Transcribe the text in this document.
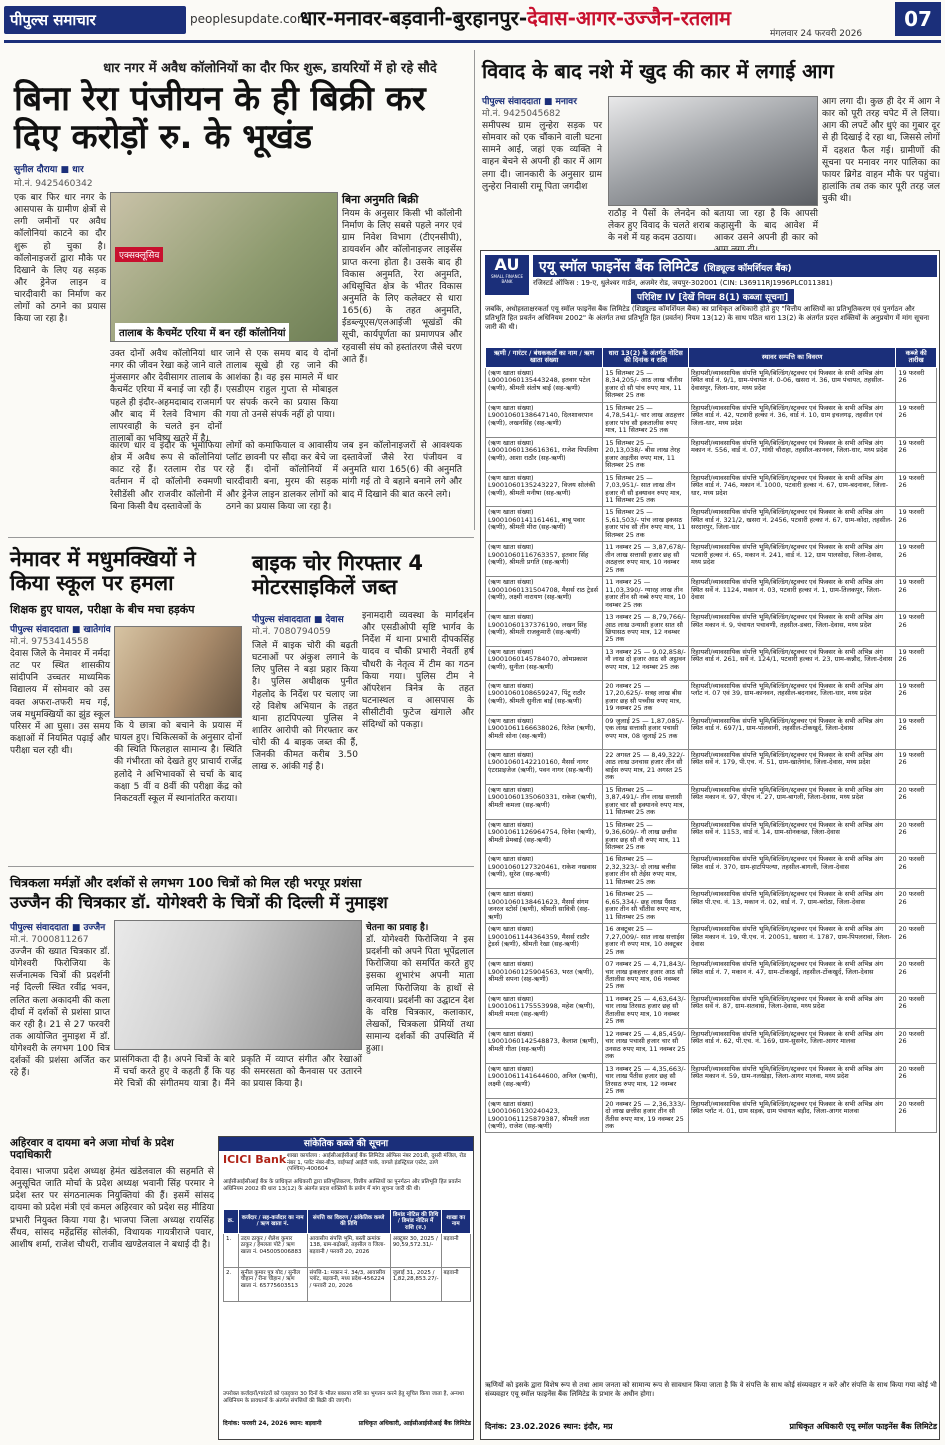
पीपुल्स समाचार	peoplesupdate.com
धार-मनावर-बड़वानी-बुरहानपुर-देवास-आगर-उज्जैन-रतलाम
मंगलवार 24 फरवरी 2026
07
धार नगर में अवैध कॉलोनियों का दौर फिर शुरू, डायरियों में हो रहे सौदे
बिना रेरा पंजीयन के ही बिक्री कर दिए करोड़ों रु. के भूखंड
सुनील दौराया ■ धार
मो.नं. 9425460342
एक बार फिर धार नगर के आसपास के ग्रामीण क्षेत्रों से लगी जमीनों पर अवैध कॉलोनियां काटने का दौर शुरू हो चुका है। कॉलोनाइजरों द्वारा मौके पर दिखाने के लिए यह सड़क और ड्रेनेज लाइन व चारदीवारी का निर्माण कर लोगों को ठगने का प्रयास किया जा रहा है।
एक्सक्लूसिव
तालाब के कैचमेंट एरिया में बन रहीं कॉलोनियां
उक्त दोनों अवैध कॉलोनियां धार नगर की जीवन रेखा कहे जाने वाले मुंजसागर और देवीसागर तालाब के कैचमेंट एरिया में बनाई जा रही हैं। पहले ही इंदौर-अहमदाबाद राजमार्ग और बाद में रेलवे विभाग की लापरवाही के चलते इन दोनों तालाबों का भविष्य खतरे में है।
जाने से एक समय बाद ये दोनों तालाब सूखे ही रह जाने की आशंका है। वह इस मामले में धार एसडीएम राहुल गुप्ता से मोबाइल पर संपर्क करने का प्रयास किया गया तो उनसे संपर्क नहीं हो पाया।
कारण धार व इंदौर के भूमाफिया क्षेत्र में अवैध रूप से कॉलोनियां काट रहे हैं। रतलाम रोड पर वर्तमान में दो कॉलोनी रुक्मणी रेसीडेंसी और राजवीर कॉलोनी में बिना किसी वैध दस्तावेजों के
लोगों को कमाफियाल व आवासीय प्लॉट छावनी पर सौदा कर बेचे जा रहे हैं। दोनों कॉलोनियों में चारदीवारी बना, मुरम की सड़क और ड्रेनेज लाइन डालकर लोगों को ठगने का प्रयास किया जा रहा है।
बिना अनुमति बिक्री
नियम के अनुसार किसी भी कॉलोनी निर्माण के लिए सबसे पहले नगर एवं ग्राम निवेश विभाग (टीएनसीपी), डायवर्शन और कॉलोनाइजर लाइसेंस प्राप्त करना होता है। उसके बाद ही विकास अनुमति, रेरा अनुमति, अधिसूचित क्षेत्र के भीतर विकास अनुमति के लिए कलेक्टर से धारा 165(6) के तहत अनुमति, ईडब्ल्यूएस/एलआईजी भूखंडों की सूची, कार्यपूर्णता का प्रमाणपत्र और रहवासी संघ को हस्तांतरण जैसे चरण आते हैं।
जब इन कॉलोनाइजरों से आवश्यक दस्तावेजों जैसे रेरा पंजीयन व अनुमति धारा 165(6) की अनुमति मांगी गई तो वे बहाने बनाने लगे और बाद में दिखाने की बात करने लगे।
विवाद के बाद नशे में खुद की कार में लगाई आग
पीपुल्स संवाददाता ■ मनावर
मो.नं. 9425045682
समीपस्थ ग्राम लुन्हेरा सड़क पर सोमवार को एक चौंकाने वाली घटना सामने आई, जहां एक व्यक्ति ने वाहन बेचने से अपनी ही कार में आग लगा दी। जानकारी के अनुसार ग्राम लुन्हेरा निवासी रामू पिता जगदीश
राठौड़ ने पैसों के लेनदेन को लेकर हुए विवाद के चलते शराब के नशे में यह कदम उठाया।
बताया जा रहा है कि आपसी कहासुनी के बाद आवेश में आकर उसने अपनी ही कार को
आग लगा दी। कुछ ही देर में आग ने कार को पूरी तरह चपेट में ले लिया। आग की लपटें और धुएं का गुबार दूर से ही दिखाई दे रहा था, जिससे लोगों में दहशत फैल गई। ग्रामीणों की सूचना पर मनावर नगर पालिका का फायर ब्रिगेड वाहन मौके पर पहुंचा। हालांकि तब तक कार पूरी तरह जल चुकी थी।
AU
SMALL FINANCE BANK
एयू स्मॉल फाइनेंस बैंक लिमिटेड (शिड्यूल्ड कॉमर्शियल बैंक)
रजिस्टर्ड ऑफिस : 19-ए, धुलेश्वर गार्डन, अजमेर रोड, जयपुर-302001 (CIN: L36911RJ1996PLC011381)
परिशिष्ट IV [देखें नियम 8(1) कब्जा सूचना]
जबकि, अधोहस्ताक्षरकर्ता एयू स्मॉल फाइनेंस बैंक लिमिटेड (शिड्यूल्ड कॉमर्शियल बैंक) का प्राधिकृत अधिकारी होते हुए "वित्तीय आस्तियों का प्रतिभूतिकरण एवं पुनर्गठन और प्रतिभूति हित प्रवर्तन अधिनियम 2002" के अंतर्गत तथा प्रतिभूति हित (प्रवर्तन) नियम 13(12) के साथ पठित धारा 13(2) के अंतर्गत प्रदत्त शक्तियों के अनुप्रयोग में मांग सूचना जारी की थी।
ऋणी / गारंटर / बंधककर्ता का नाम / ऋण खाता संख्या	धारा 13(2) के अंतर्गत नोटिस की दिनांक व राशि	स्थावर सम्पत्ति का विवरण	कब्जे की तारीख
(ऋण खाता संख्या) L9001060135443248, इतवार पटेल (ऋणी), श्रीमती संतोष बाई (सह-ऋणी)	15 सितम्बर 25 — 8,34,205/- आठ लाख चौंतीस हजार दो सौ पांच रुपए मात्र, 11 सितम्बर 25 तक	रिहायशी/व्यावसायिक संपत्ति भूमि/बिल्डिंग/स्ट्रक्चर एवं फिक्सर के सभी अभिन्न अंग स्थित वार्ड नं. 9/1, ग्राम-पंचायत नं. 0-06, खसरा नं. 36, ग्राम पंचायत, तहसील-देवासपुर, जिला-धार, मध्य प्रदेश	19 फरवरी 26
(ऋण खाता संख्या) L9001060138647140, दिलशावरपान (ऋणी), लखनसिंह (सह-ऋणी)	15 सितम्बर 25 — 4,78,541/- चार लाख अठहत्तर हजार पांच सौ इकतालीस रुपए मात्र, 11 सितम्बर 25 तक	रिहायशी/व्यावसायिक संपत्ति भूमि/बिल्डिंग/स्ट्रक्चर एवं फिक्सर के सभी अभिन्न अंग स्थित वार्ड नं. 42, पटवारी हल्का नं. 36, वार्ड नं. 10, ग्राम इचलगढ़, तहसील एवं जिला-धार, मध्य प्रदेश	19 फरवरी 26
(ऋण खाता संख्या) L9001060136616361, राजेश पिपलिया (ऋणी), आशा राठौर (सह-ऋणी)	15 सितम्बर 25 — 20,13,038/- बीस लाख तेरह हजार अड़तीस रुपए मात्र, 11 सितम्बर 25 तक	रिहायशी/व्यावसायिक संपत्ति भूमि/बिल्डिंग/स्ट्रक्चर एवं फिक्सर के सभी अभिन्न अंग मकान नं. 556, वार्ड नं. 07, गांधी चौराहा, तहसील-कानवन, जिला-धार, मध्य प्रदेश	19 फरवरी 26
(ऋण खाता संख्या) L9001060135243227, विजय सोलंकी (ऋणी), श्रीमती मनीषा (सह-ऋणी)	15 सितम्बर 25 — 7,03,951/- सात लाख तीन हजार नौ सौ इक्यावन रुपए मात्र, 11 सितम्बर 25 तक	रिहायशी/व्यावसायिक संपत्ति भूमि/बिल्डिंग/स्ट्रक्चर एवं फिक्सर के सभी अभिन्न अंग स्थित वार्ड नं. 746, मकान नं. 1000, पटवारी हल्का नं. 67, ग्राम-बदनावर, जिला-धार, मध्य प्रदेश	19 फरवरी 26
(ऋण खाता संख्या) L9001060141161461, बाबू पवार (ऋणी), श्रीमती मीरा (सह-ऋणी)	15 सितम्बर 25 — 5,61,503/- पांच लाख इकसठ हजार पांच सौ तीन रुपए मात्र, 11 सितम्बर 25 तक	रिहायशी/व्यावसायिक संपत्ति भूमि/बिल्डिंग/स्ट्रक्चर एवं फिक्सर के सभी अभिन्न अंग स्थित वार्ड नं. 321/2, खसरा नं. 2456, पटवारी हल्का नं. 67, ग्राम-कोदा, तहसील-सरदारपुर, जिला-धार	19 फरवरी 26
(ऋण खाता संख्या) L9001060116763357, इतवार सिंह (ऋणी), श्रीमती प्रगति (सह-ऋणी)	11 नवम्बर 25 — 3,87,678/- तीन लाख सत्तासी हजार छह सौ अठहत्तर रुपए मात्र, 10 नवम्बर 25 तक	रिहायशी/व्यावसायिक संपत्ति भूमि/बिल्डिंग/स्ट्रक्चर एवं फिक्सर के सभी अभिन्न अंग पटवारी हल्का नं. 65, मकान नं. 241, वार्ड नं. 12, ग्राम पालसोदा, जिला-देवास, मध्य प्रदेश	19 फरवरी 26
(ऋण खाता संख्या) L9001060131504708, मैसर्स राठ ट्रेडर्स (ऋणी), लक्ष्मी नारायण (सह-ऋणी)	11 नवम्बर 25 — 11,03,390/- ग्यारह लाख तीन हजार तीन सौ नब्बे रुपए मात्र, 10 नवम्बर 25 तक	रिहायशी/व्यावसायिक संपत्ति भूमि/बिल्डिंग/स्ट्रक्चर एवं फिक्सर के सभी अभिन्न अंग स्थित सर्वे नं. 1124, मकान नं. 03, पटवारी हल्का नं. 1, ग्राम-तिलकपुर, जिला-देवास	19 फरवरी 26
(ऋण खाता संख्या) L9001060137376190, लखन सिंह (ऋणी), श्रीमती राजकुमारी (सह-ऋणी)	13 नवम्बर 25 — 8,79,766/- आठ लाख उन्यासी हजार सात सौ छियासठ रुपए मात्र, 12 नवम्बर 25 तक	रिहायशी/व्यावसायिक संपत्ति भूमि/बिल्डिंग/स्ट्रक्चर एवं फिक्सर के सभी अभिन्न अंग स्थित मकान नं. 9, पंचायत पचावणी, तहसील-डबरा, जिला-देवास, मध्य प्रदेश	19 फरवरी 26
(ऋण खाता संख्या) L9001060145784070, ओमप्रकाश (ऋणी), सुनीता (सह-ऋणी)	13 नवम्बर 25 — 9,02,858/- नौ लाख दो हजार आठ सौ अट्ठावन रुपए मात्र, 12 नवम्बर 25 तक	रिहायशी/व्यावसायिक संपत्ति भूमि/बिल्डिंग/स्ट्रक्चर एवं फिक्सर के सभी अभिन्न अंग स्थित वार्ड नं. 261, सर्वे नं. 124/1, पटवारी हल्का नं. 23, ग्राम-कन्नौद, जिला-देवास	19 फरवरी 26
(ऋण खाता संख्या) L9001060108659247, पिंटू राठौर (ऋणी), श्रीमती सुनीता बाई (सह-ऋणी)	20 नवम्बर 25 — 17,20,625/- सत्रह लाख बीस हजार छह सौ पच्चीस रुपए मात्र, 19 नवम्बर 25 तक	रिहायशी/व्यावसायिक संपत्ति भूमि/बिल्डिंग/स्ट्रक्चर एवं फिक्सर के सभी अभिन्न अंग प्लॉट नं. 07 एवं 39, ग्राम-कानवन, तहसील-बदनावर, जिला-धार, मध्य प्रदेश	19 फरवरी 26
(ऋण खाता संख्या) L9001061166638026, रितेश (ऋणी), श्रीमती सोना (सह-ऋणी)	09 जुलाई 25 — 1,87,085/- एक लाख सत्तासी हजार पचासी रुपए मात्र, 08 जुलाई 25 तक	रिहायशी/व्यावसायिक संपत्ति भूमि/बिल्डिंग/स्ट्रक्चर एवं फिक्सर के सभी अभिन्न अंग स्थित वार्ड नं. 697/1, ग्राम-पालवानी, तहसील-टोंकखुर्द, जिला-देवास	19 फरवरी 26
(ऋण खाता संख्या) L9001060142210160, मैसर्स नागर एंटरप्राइजेज (ऋणी), पवन नागर (सह-ऋणी)	22 अगस्त 25 — 8,49,322/- आठ लाख उनचास हजार तीन सौ बाईस रुपए मात्र, 21 अगस्त 25 तक	रिहायशी/व्यावसायिक संपत्ति भूमि/बिल्डिंग/स्ट्रक्चर एवं फिक्सर के सभी अभिन्न अंग स्थित सर्वे नं. 179, पी.एच. नं. 51, ग्राम-खातेगांव, जिला-देवास, मध्य प्रदेश	19 फरवरी 26
(ऋण खाता संख्या) L9001060135060331, राकेश (ऋणी), श्रीमती कमला (सह-ऋणी)	15 सितम्बर 25 — 3,87,491/- तीन लाख सत्तासी हजार चार सौ इक्यानवे रुपए मात्र, 11 सितम्बर 25 तक	रिहायशी/व्यावसायिक संपत्ति भूमि/बिल्डिंग/स्ट्रक्चर एवं फिक्सर के सभी अभिन्न अंग स्थित मकान नं. 97, पीएच नं. 27, ग्राम-बागली, जिला-देवास, मध्य प्रदेश	20 फरवरी 26
(ऋण खाता संख्या) L9001061126964754, दिनेश (ऋणी), श्रीमती प्रेमबाई (सह-ऋणी)	15 सितम्बर 25 — 9,36,609/- नौ लाख छत्तीस हजार छह सौ नौ रुपए मात्र, 11 सितम्बर 25 तक	रिहायशी/व्यावसायिक संपत्ति भूमि/बिल्डिंग/स्ट्रक्चर एवं फिक्सर के सभी अभिन्न अंग स्थित सर्वे नं. 1153, वार्ड नं. 14, ग्राम-सोनकच्छ, जिला-देवास	20 फरवरी 26
(ऋण खाता संख्या) L9001060127320461, राकेश नखवास (ऋणी), सुरेश (सह-ऋणी)	16 सितम्बर 25 — 2,32,323/- दो लाख बत्तीस हजार तीन सौ तेईस रुपए मात्र, 11 सितम्बर 25 तक	रिहायशी/व्यावसायिक संपत्ति भूमि/बिल्डिंग/स्ट्रक्चर एवं फिक्सर के सभी अभिन्न अंग स्थित वार्ड नं. 370, ग्राम-हाटपिपल्या, तहसील-बागली, जिला-देवास	20 फरवरी 26
(ऋण खाता संख्या) L9001060138461623, मैसर्स संगम जनरल स्टोर्स (ऋणी), श्रीमती सावित्री (सह-ऋणी)	16 सितम्बर 25 — 6,65,334/- छह लाख पैंसठ हजार तीन सौ चौंतीस रुपए मात्र, 11 सितम्बर 25 तक	रिहायशी/व्यावसायिक संपत्ति भूमि/बिल्डिंग/स्ट्रक्चर एवं फिक्सर के सभी अभिन्न अंग स्थित पी.एच. नं. 13, मकान नं. 02, वार्ड नं. 7, ग्राम-बरोठा, जिला-देवास	20 फरवरी 26
(ऋण खाता संख्या) L9001061144364359, मैसर्स राठौर ट्रेडर्स (ऋणी), श्रीमती रेखा (सह-ऋणी)	16 अक्टूबर 25 — 7,27,009/- सात लाख सत्ताईस हजार नौ रुपए मात्र, 10 अक्टूबर 25 तक	रिहायशी/व्यावसायिक संपत्ति भूमि/बिल्डिंग/स्ट्रक्चर एवं फिक्सर के सभी अभिन्न अंग स्थित मकान नं. 19, पी.एच. नं. 20051, खसरा नं. 1787, ग्राम-पिपलरावां, जिला-देवास	20 फरवरी 26
(ऋण खाता संख्या) L9001060125904563, भरत (ऋणी), श्रीमती सपना (सह-ऋणी)	07 नवम्बर 25 — 4,71,843/- चार लाख इकहत्तर हजार आठ सौ तैंतालीस रुपए मात्र, 06 नवम्बर 25 तक	रिहायशी/व्यावसायिक संपत्ति भूमि/बिल्डिंग/स्ट्रक्चर एवं फिक्सर के सभी अभिन्न अंग स्थित वार्ड नं. 7, मकान नं. 47, ग्राम-टोंकखुर्द, तहसील-टोंकखुर्द, जिला-देवास	20 फरवरी 26
(ऋण खाता संख्या) L9001061175553998, महेश (ऋणी), श्रीमती ममता (सह-ऋणी)	11 नवम्बर 25 — 4,63,643/- चार लाख तिरसठ हजार छह सौ तैंतालीस रुपए मात्र, 10 नवम्बर 25 तक	रिहायशी/व्यावसायिक संपत्ति भूमि/बिल्डिंग/स्ट्रक्चर एवं फिक्सर के सभी अभिन्न अंग स्थित सर्वे नं. 87, ग्राम-सतवास, जिला-देवास, मध्य प्रदेश	20 फरवरी 26
(ऋण खाता संख्या) L9001060142548873, कैलाश (ऋणी), श्रीमती गीता (सह-ऋणी)	12 नवम्बर 25 — 4,85,459/- चार लाख पचासी हजार चार सौ उनसठ रुपए मात्र, 11 नवम्बर 25 तक	रिहायशी/व्यावसायिक संपत्ति भूमि/बिल्डिंग/स्ट्रक्चर एवं फिक्सर के सभी अभिन्न अंग स्थित वार्ड नं. 62, पी.एच. नं. 169, ग्राम-सुसनेर, जिला-आगर मालवा	20 फरवरी 26
(ऋण खाता संख्या) L9001061141644600, अनिल (ऋणी), लक्ष्मी (सह-ऋणी)	13 नवम्बर 25 — 4,35,663/- चार लाख पैंतीस हजार छह सौ तिरसठ रुपए मात्र, 12 नवम्बर 25 तक	रिहायशी/व्यावसायिक संपत्ति भूमि/बिल्डिंग/स्ट्रक्चर एवं फिक्सर के सभी अभिन्न अंग स्थित मकान नं. 59, ग्राम-नलखेड़ा, जिला-आगर मालवा, मध्य प्रदेश	20 फरवरी 26
(ऋण खाता संख्या) L9001060130240423, L9001061125879387, श्रीमती लता (ऋणी), राजेश (सह-ऋणी)	20 नवम्बर 25 — 2,36,333/- दो लाख छत्तीस हजार तीन सौ तैंतीस रुपए मात्र, 19 नवम्बर 25 तक	रिहायशी/व्यावसायिक संपत्ति भूमि/बिल्डिंग/स्ट्रक्चर एवं फिक्सर के सभी अभिन्न अंग स्थित प्लॉट नं. 01, ग्राम सड़क, ग्राम पंचायत बड़ौद, जिला-आगर मालवा	20 फरवरी 26
ऋणियों को इसके द्वारा विशेष रूप से तथा आम जनता को सामान्य रूप से सावधान किया जाता है कि वे संपत्ति के साथ कोई संव्यवहार न करें और संपत्ति के साथ किया गया कोई भी संव्यवहार एयू स्मॉल फाइनेंस बैंक लिमिटेड के प्रभार के अधीन होगा।
दिनांक: 23.02.2026 स्थान: इंदौर, मप्र	प्राधिकृत अधिकारी एयू स्मॉल फाइनेंस बैंक लिमिटेड
नेमावर में मधुमक्खियों ने किया स्कूल पर हमला
शिक्षक हुए घायल, परीक्षा के बीच मचा हड़कंप
पीपुल्स संवाददाता ■ खातेगांव
मो.नं. 9753414558
देवास जिले के नेमावर में नर्मदा तट पर स्थित शासकीय सांदीपनि उच्चतर माध्यमिक विद्यालय में सोमवार को उस वक्त अफरा-तफरी मच गई, जब मधुमक्खियों का झुंड स्कूल परिसर में आ घुसा। उस समय कक्षाओं में नियमित पढ़ाई और परीक्षा चल रही थी।
कि ये छात्रा को बचाने के प्रयास में घायल हुए। चिकित्सकों के अनुसार दोनों की स्थिति फिलहाल सामान्य है। स्थिति की गंभीरता को देखते हुए प्राचार्य राजेंद्र हलोदे ने अभिभावकों से चर्चा के बाद कक्षा 5 वीं व 8वीं की परीक्षा केंद्र को निकटवर्ती स्कूल में स्थानांतरित कराया।
बाइक चोर गिरफ्तार 4 मोटरसाइकिलें जब्त
पीपुल्स संवाददाता ■ देवास
मो.नं. 7080794059
जिले में बाइक चोरी की बढ़ती घटनाओं पर अंकुश लगाने के लिए पुलिस ने बड़ा प्रहार किया है। पुलिस अधीक्षक पुनीत गेहलोद के निर्देश पर चलाए जा रहे विशेष अभियान के तहत थाना हाटपिपल्या पुलिस ने शातिर आरोपी को गिरफ्तार कर चोरी की 4 बाइक जब्त की हैं, जिनकी कीमत करीब 3.50 लाख रु. आंकी गई है।
इनामदारी व्यवस्था के मार्गदर्शन और एसडीओपी सृष्टि भार्गव के निर्देश में थाना प्रभारी दीपकसिंह यादव व चौकी प्रभारी नेवर्ती हर्ष चौधरी के नेतृत्व में टीम का गठन किया गया। पुलिस टीम ने ऑपरेशन त्रिनेत्र के तहत घटनास्थल व आसपास के सीसीटीवी फुटेज खंगाले और संदिग्धों को पकड़ा।
चित्रकला मर्मज्ञों और दर्शकों से लगभग 100 चित्रों को मिल रही भरपूर प्रशंसा
उज्जैन की चित्रकार डॉ. योगेश्वरी के चित्रों की दिल्ली में नुमाइश
पीपुल्स संवाददाता ■ उज्जैन
मो.नं. 7000811267
उज्जैन की ख्यात चित्रकार डॉ. योगेश्वरी फिरोजिया के सर्जनात्मक चित्रों की प्रदर्शनी नई दिल्ली स्थित रवींद्र भवन, ललित कला अकादमी की कला दीर्घा में दर्शकों से प्रशंसा प्राप्त कर रही है। 21 से 27 फरवरी तक आयोजित नुमाइश में डॉ. योगेश्वरी के लगभग 100 चित्र दर्शकों की प्रशंसा अर्जित कर रहे हैं।
प्रासंगिकता दी है। अपने चित्रों के बारे में चर्चा करते हुए वे कहती हैं कि यह मेरे चित्रों की संगीतमय यात्रा है। मैंने प्रकृति में व्याप्त संगीत और रेखाओं की समरसता को कैनवास पर उतारने का प्रयास किया है।
चेतना का प्रवाह है।
डॉ. योगेश्वरी फिरोजिया ने इस प्रदर्शनी को अपने पिता भूपेंद्रलाल फिरोजिया को समर्पित करते हुए इसका शुभारंभ अपनी माता जमिला फिरोजिया के हाथों से करवाया। प्रदर्शनी का उद्घाटन देश के वरिष्ठ चित्रकार, कलाकार, लेखकों, चित्रकला प्रेमियों तथा सामान्य दर्शकों की उपस्थिति में हुआ।
अहिरवार व दायमा बने अजा मोर्चा के प्रदेश पदाधिकारी
देवास। भाजपा प्रदेश अध्यक्ष हेमंत खंडेलवाल की सहमति से अनुसूचित जाति मोर्चा के प्रदेश अध्यक्ष भवानी सिंह परमार ने प्रदेश स्तर पर संगठनात्मक नियुक्तियां की हैं। इसमें सांसद दायमा को प्रदेश मंत्री एवं कमल अहिरवार को प्रदेश सह मीडिया प्रभारी नियुक्त किया गया है। भाजपा जिला अध्यक्ष रायसिंह सैंधव, सांसद महेंद्रसिंह सोलंकी, विधायक गायत्रीराजे पवार, आशीष शर्मा, राजेश चौधरी, राजीव खण्डेलवाल ने बधाई दी है।
सांकेतिक कब्जे की सूचना
ICICI Bank शाखा कार्यालय : आईसीआईसीआई बैंक लिमिटेड ऑफिस नंबर 201बी, दूसरी मंजिल, रोड नंबर 1, प्लॉट नंबर-बी3, वाईफाई आईटी पार्क, वागले इंडस्ट्रियल एस्टेट, ठाणे (पश्चिम)-400604
आईसीआईसीआई बैंक के प्राधिकृत अधिकारी द्वारा प्रतिभूतिकरण, वित्तीय आस्तियों का पुनर्गठन और प्रतिभूति हित प्रवर्तन अधिनियम 2002 की धारा 13(12) के अंतर्गत प्रदत्त शक्तियों के प्रयोग में मांग सूचना जारी की थी।
क्र.	कर्जदार / सह-कर्जदार का नाम / ऋण खाता नं.	संपत्ति का विवरण / सांकेतिक कब्जे की तिथि	डिमांड नोटिस की तिथि / डिमांड नोटिस में राशि (रु.)	शाखा का नाम
1.	उदय ठाकुर / शैलेश कुमार ठाकुर / हेमलता पोटे / ऋण खाता नं. 045005006883	आवासीय संपत्ति भूमि, बस्ती क्रमांक 138, ग्राम-बढ़ोखर, तहसील व जिला-बड़वानी / फरवरी 20, 2026	अक्टूबर 30, 2025 / 90,59,572.31/-	बड़वानी
2.	सुनील कुमार पुत्र योद / सुनील चौहान / रीना चौहान / ऋण खाता नं. 65775603513	संपत्ति-1: मकान नं. 34/3, आवासीय प्लॉट, बड़वानी, मध्य प्रदेश-456224 / फरवरी 20, 2026	जुलाई 31, 2025 / 1,82,28,853.27/-	बड़वानी
उपरोक्त कर्जदारों/गारंटरों को एतद्द्वारा 30 दिनों के भीतर बकाया राशि का भुगतान करने हेतु सूचित किया जाता है, अन्यथा अधिनियम के प्रावधानों के अंतर्गत संपत्तियों की बिक्री की जाएगी।
दिनांक: फरवरी 24, 2026 स्थान: बड़वानी	प्राधिकृत अधिकारी, आईसीआईसीआई बैंक लिमिटेड
